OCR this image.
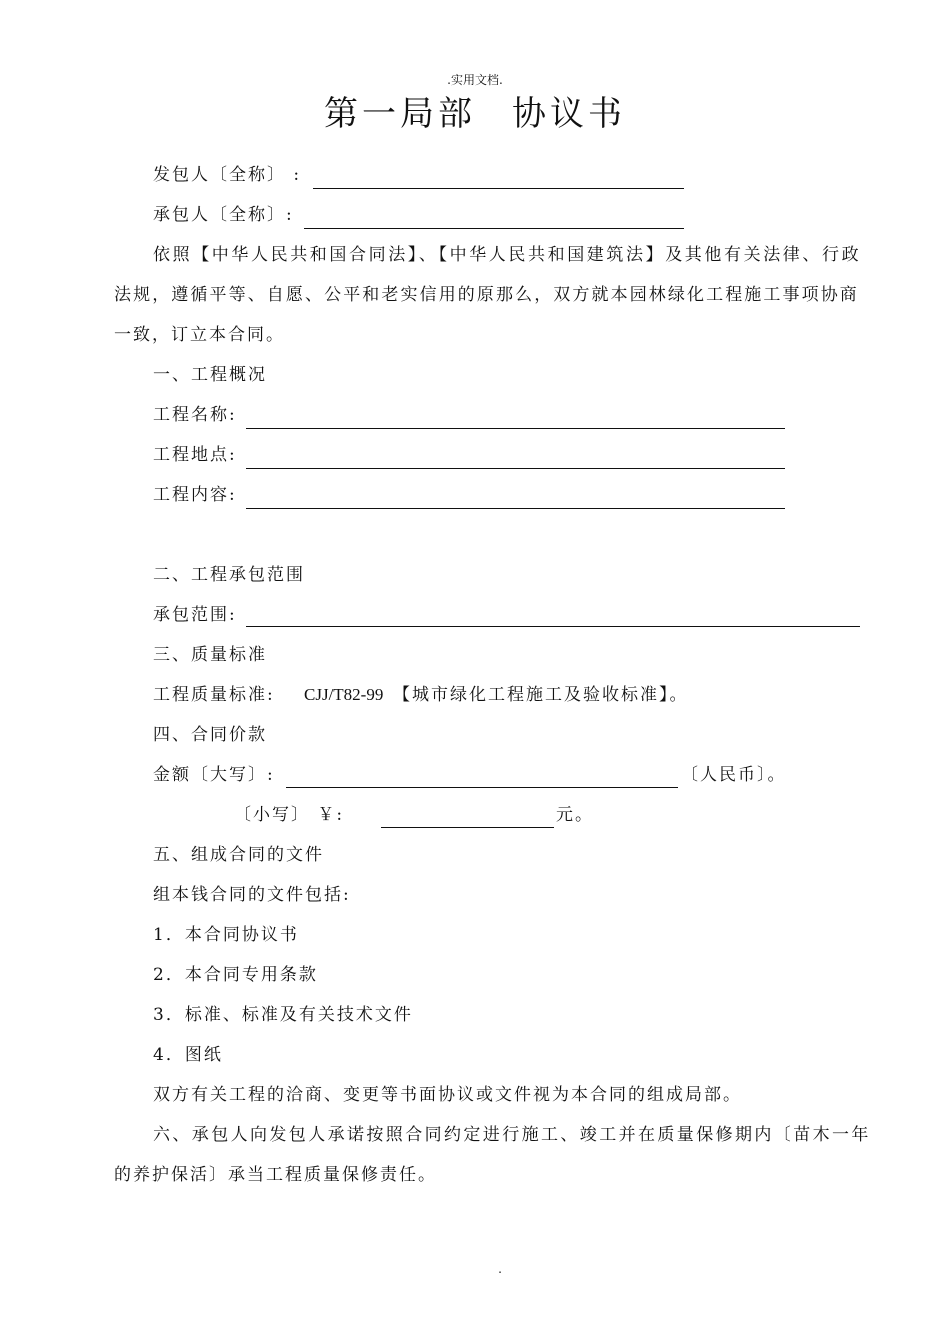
.实用文档.
第一局部 协议书
发包人〔全称〕 :
承包人〔全称〕:
依照【中华人民共和国合同法】、【中华人民共和国建筑法】及其他有关法律、行政
法规，遵循平等、自愿、公平和老实信用的原那么，双方就本园林绿化工程施工事项协商
一致，订立本合同。
一、工程概况
工程名称:
工程地点:
工程内容:
二、工程承包范围
承包范围:
三、质量标准
工程质量标准: CJJ/T82-99 【城市绿化工程施工及验收标准】。
四、合同价款
金额〔大写〕:	〔人民币〕。
〔小写〕 ￥:	元。
五、组成合同的文件
组本钱合同的文件包括:
1．本合同协议书
2．本合同专用条款
3．标准、标准及有关技术文件
4．图纸
双方有关工程的洽商、变更等书面协议或文件视为本合同的组成局部。
六、承包人向发包人承诺按照合同约定进行施工、竣工并在质量保修期内〔苗木一年
的养护保活〕承当工程质量保修责任。
.
